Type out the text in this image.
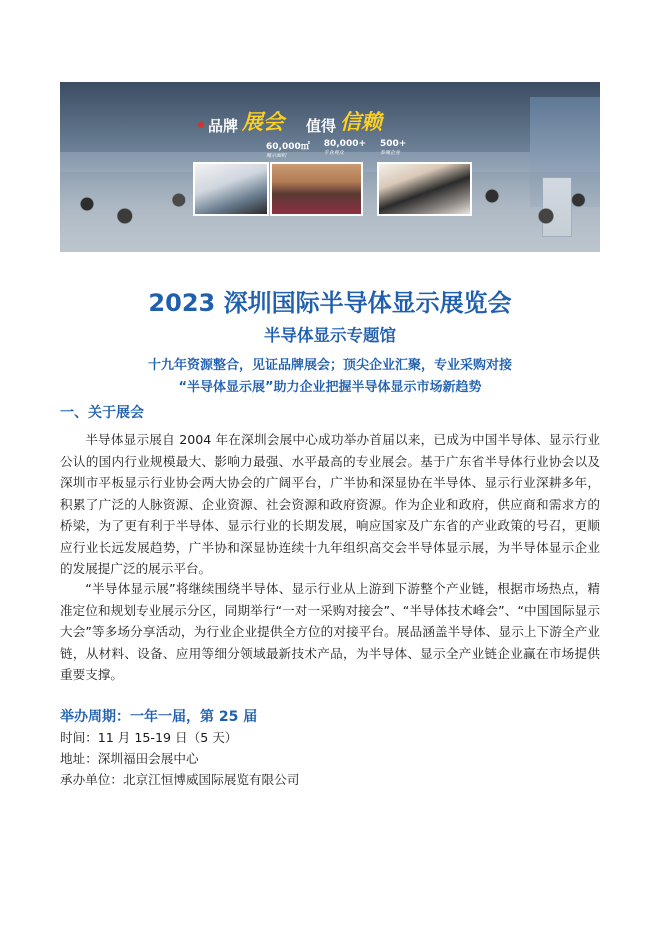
品牌 展会 值得 信赖
60,000㎡
展示面积
80,000+
专业观众
500+
参展企业
2023 深圳国际半导体显示展览会
半导体显示专题馆
十九年资源整合，见证品牌展会；顶尖企业汇聚，专业采购对接
“半导体显示展”助力企业把握半导体显示市场新趋势
一、关于展会

半导体显示展自 2004 年在深圳会展中心成功举办首届以来，已成为中国半导体、显示行业公认的国内行业规模最大、影响力最强、水平最高的专业展会。基于广东省半导体行业协会以及深圳市平板显示行业协会两大协会的广阔平台，广半协和深显协在半导体、显示行业深耕多年，积累了广泛的人脉资源、企业资源、社会资源和政府资源。作为企业和政府，供应商和需求方的桥梁，为了更有利于半导体、显示行业的长期发展，响应国家及广东省的产业政策的号召，更顺应行业长远发展趋势，广半协和深显协连续十九年组织高交会半导体显示展，为半导体显示企业的发展提广泛的展示平台。

“半导体显示展”将继续围绕半导体、显示行业从上游到下游整个产业链，根据市场热点，精准定位和规划专业展示分区，同期举行“一对一采购对接会”、“半导体技术峰会”、“中国国际显示大会”等多场分享活动，为行业企业提供全方位的对接平台。展品涵盖半导体、显示上下游全产业链，从材料、设备、应用等细分领域最新技术产品，为半导体、显示全产业链企业赢在市场提供重要支撑。

举办周期：一年一届，第 25 届
时间：11 月 15-19 日（5 天）
地址：深圳福田会展中心
承办单位：北京江恒博威国际展览有限公司
